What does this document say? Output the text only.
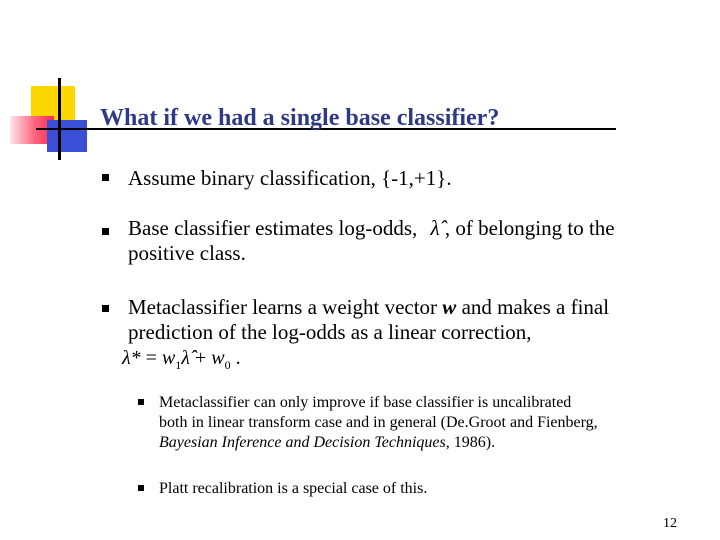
What if we had a single base classifier?
Assume binary classification, {-1,+1}.
Base classifier estimates log-odds, λ̂ , of belonging to the
positive class.
Metaclassifier learns a weight vector w and makes a final
prediction of the log-odds as a linear correction,
$\lambda* = w_1\lambdâ + w_0$ .
Metaclassifier can only improve if base classifier is uncalibrated
both in linear transform case and in general (De.Groot and Fienberg,
Bayesian Inference and Decision Techniques, 1986).
Platt recalibration is a special case of this.
12
